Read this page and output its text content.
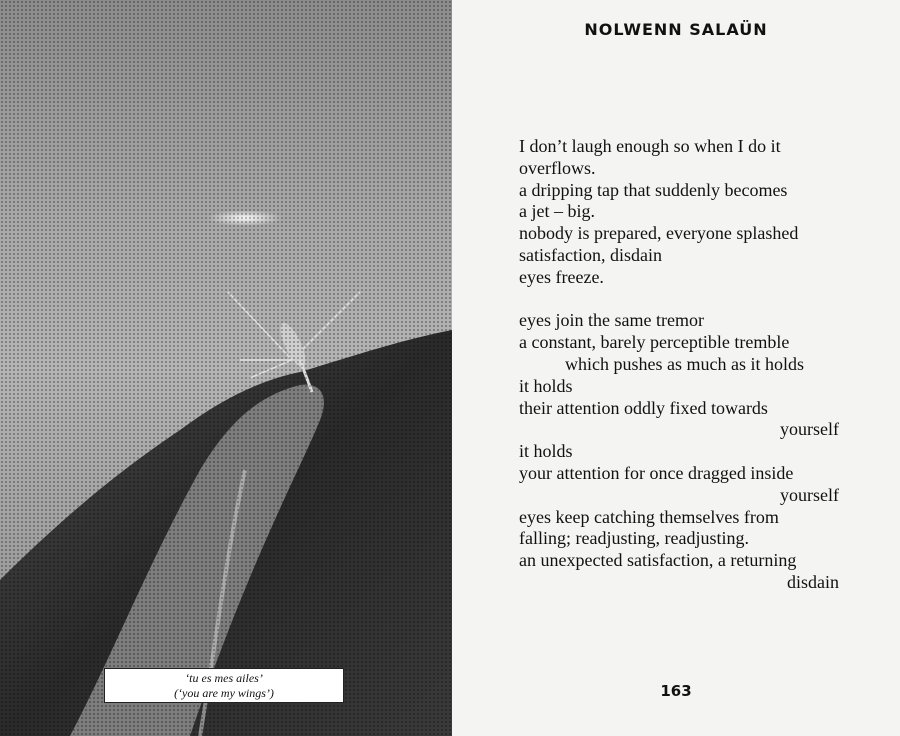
‘tu es mes ailes’
(‘you are my wings’)
NOLWENN SALAÜN
I don’t laugh enough so when I do it
overflows.
a dripping tap that suddenly becomes
a jet – big.
nobody is prepared, everyone splashed
satisfaction, disdain
eyes freeze.
eyes join the same tremor
a constant, barely perceptible tremble
which pushes as much as it holds
it holds
their attention oddly fixed towards
yourself
it holds
your attention for once dragged inside
yourself
eyes keep catching themselves from
falling; readjusting, readjusting.
an unexpected satisfaction, a returning
disdain
163
